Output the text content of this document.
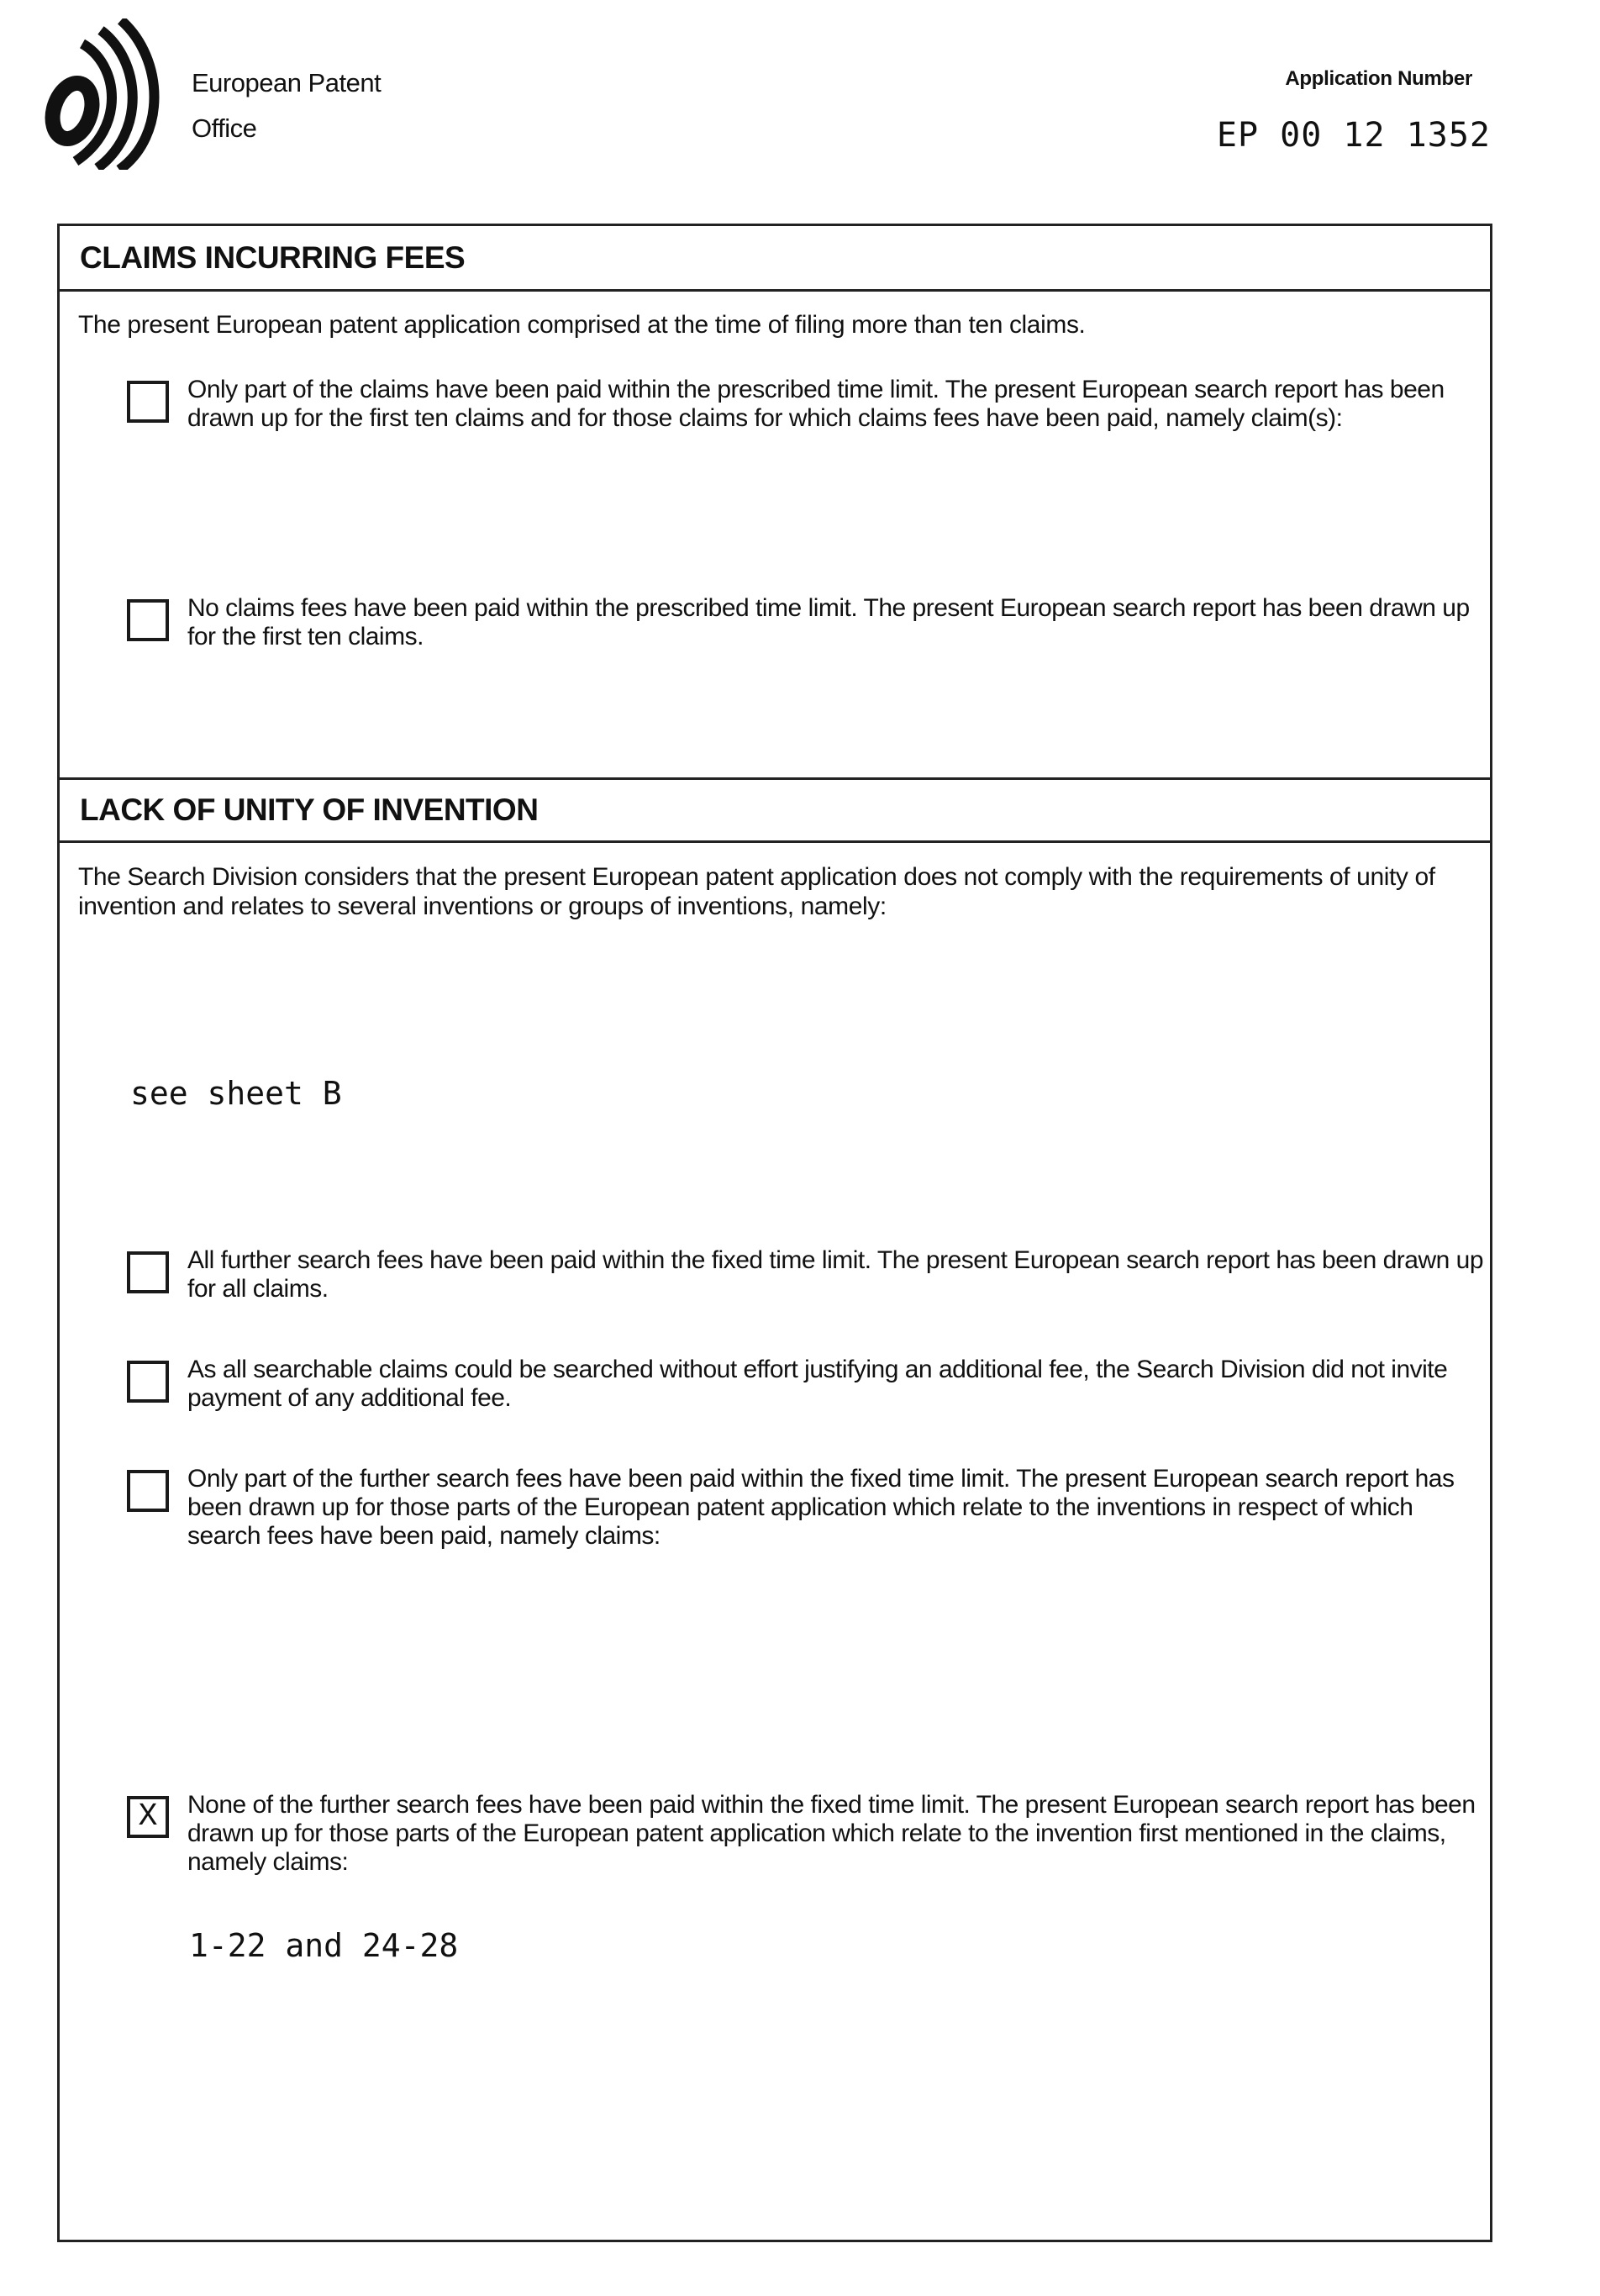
European Patent
Office
Application Number
EP 00 12 1352
CLAIMS INCURRING FEES
The present European patent application comprised at the time of filing more than ten claims.
Only part of the claims have been paid within the prescribed time limit. The present European search report has been drawn up for the first ten claims and for those claims for which claims fees have been paid, namely claim(s):
No claims fees have been paid within the prescribed time limit. The present European search report has been drawn up for the first ten claims.
LACK OF UNITY OF INVENTION
The Search Division considers that the present European patent application does not comply with the requirements of unity of invention and relates to several inventions or groups of inventions, namely:
see sheet B
All further search fees have been paid within the fixed time limit. The present European search report has been drawn up for all claims.
As all searchable claims could be searched without effort justifying an additional fee, the Search Division did not invite payment of any additional fee.
Only part of the further search fees have been paid within the fixed time limit. The present European search report has been drawn up for those parts of the European patent application which relate to the inventions in respect of which search fees have been paid, namely claims:
X	None of the further search fees have been paid within the fixed time limit. The present European search report has been drawn up for those parts of the European patent application which relate to the invention first mentioned in the claims, namely claims:
1-22 and 24-28
